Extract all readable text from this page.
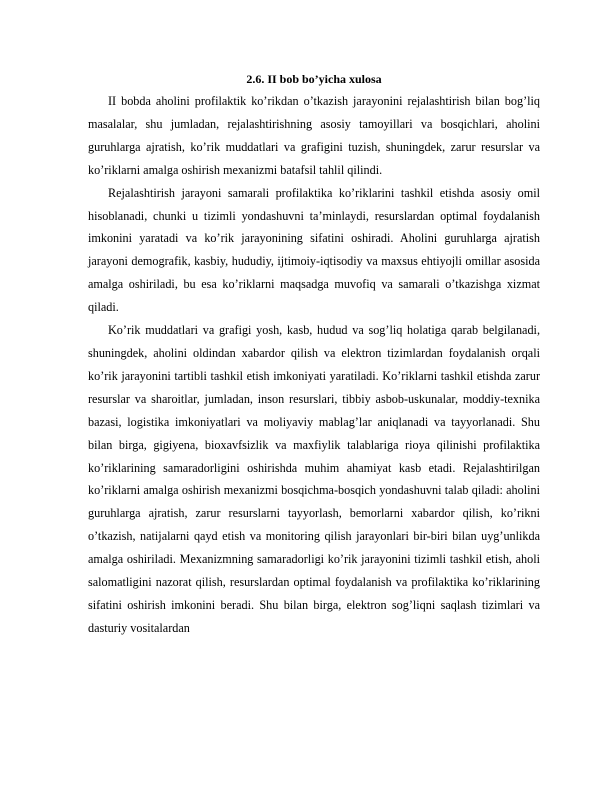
2.6. II bob bo’yicha xulosa

II bobda aholini profilaktik ko’rikdan o’tkazish jarayonini rejalashtirish bilan bog’liq masalalar, shu jumladan, rejalashtirishning asosiy tamoyillari va bosqichlari, aholini guruhlarga ajratish, ko’rik muddatlari va grafigini tuzish, shuningdek, zarur resurslar va ko’riklarni amalga oshirish mexanizmi batafsil tahlil qilindi.

Rejalashtirish jarayoni samarali profilaktika ko’riklarini tashkil etishda asosiy omil hisoblanadi, chunki u tizimli yondashuvni ta’minlaydi, resurslardan optimal foydalanish imkonini yaratadi va ko’rik jarayonining sifatini oshiradi. Aholini guruhlarga ajratish jarayoni demografik, kasbiy, hududiy, ijtimoiy-iqtisodiy va maxsus ehtiyojli omillar asosida amalga oshiriladi, bu esa ko’riklarni maqsadga muvofiq va samarali o’tkazishga xizmat qiladi.

Ko’rik muddatlari va grafigi yosh, kasb, hudud va sog’liq holatiga qarab belgilanadi, shuningdek, aholini oldindan xabardor qilish va elektron tizimlardan foydalanish orqali ko’rik jarayonini tartibli tashkil etish imkoniyati yaratiladi. Ko’riklarni tashkil etishda zarur resurslar va sharoitlar, jumladan, inson resurslari, tibbiy asbob-uskunalar, moddiy-texnika bazasi, logistika imkoniyatlari va moliyaviy mablag’lar aniqlanadi va tayyorlanadi. Shu bilan birga, gigiyena, bioxavfsizlik va maxfiylik talablariga rioya qilinishi profilaktika ko’riklarining samaradorligini oshirishda muhim ahamiyat kasb etadi. Rejalashtirilgan ko’riklarni amalga oshirish mexanizmi bosqichma-bosqich yondashuvni talab qiladi: aholini guruhlarga ajratish, zarur resurslarni tayyorlash, bemorlarni xabardor qilish, ko’rikni o’tkazish, natijalarni qayd etish va monitoring qilish jarayonlari bir-biri bilan uyg’unlikda amalga oshiriladi. Mexanizmning samaradorligi ko’rik jarayonini tizimli tashkil etish, aholi salomatligini nazorat qilish, resurslardan optimal foydalanish va profilaktika ko’riklarining sifatini oshirish imkonini beradi. Shu bilan birga, elektron sog’liqni saqlash tizimlari va dasturiy vositalardan
